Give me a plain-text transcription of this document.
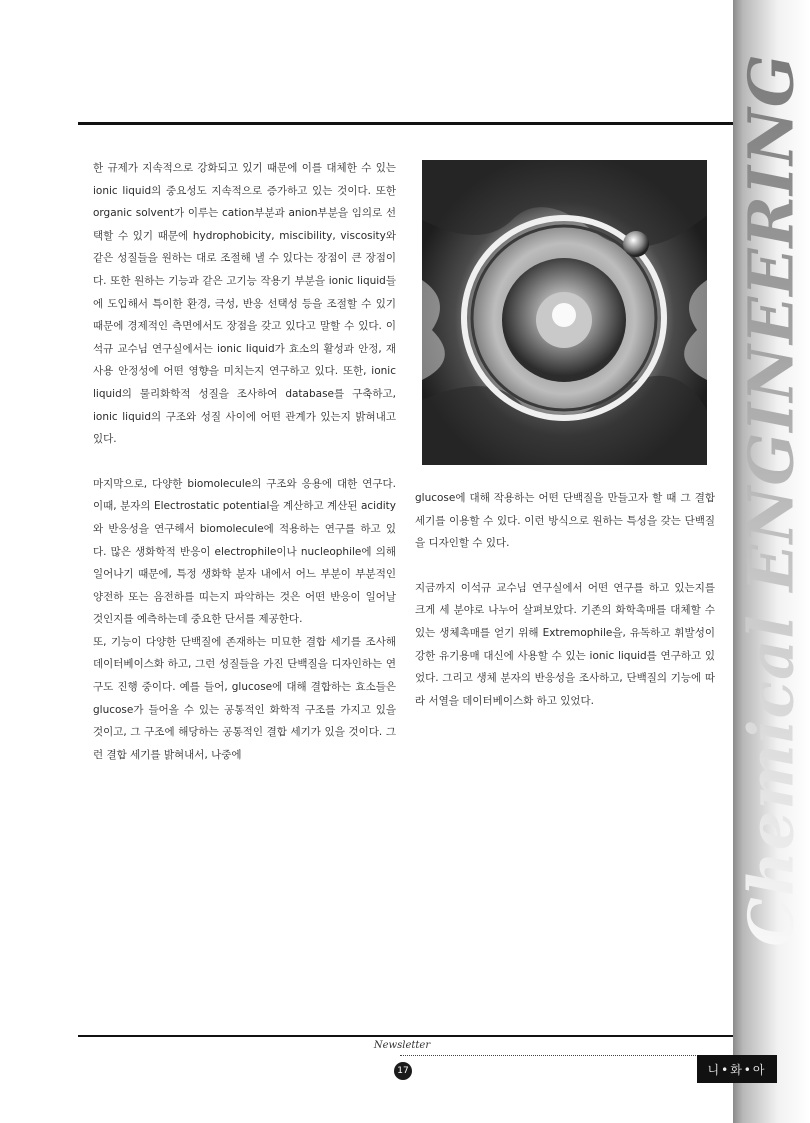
Chemical ENGINEERING

한 규제가 지속적으로 강화되고 있기 때문에 이를 대체한 수 있는 ionic liquid의 중요성도 지속적으로 증가하고 있는 것이다. 또한 organic solvent가 이루는 cation부분과 anion부분을 임의로 선택할 수 있기 때문에 hydrophobicity, miscibility, viscosity와 같은 성질들을 원하는 대로 조절해 낼 수 있다는 장점이 큰 장점이다. 또한 원하는 기능과 같은 고기능 작용기 부분을 ionic liquid들에 도입해서 특이한 환경, 극성, 반응 선택성 등을 조절할 수 있기 때문에 경제적인 측면에서도 장점을 갖고 있다고 말할 수 있다. 이석규 교수님 연구실에서는 ionic liquid가 효소의 활성과 안정, 재사용 안정성에 어떤 영향을 미치는지 연구하고 있다. 또한, ionic liquid의 물리화학적 성질을 조사하여 database를 구축하고, ionic liquid의 구조와 성질 사이에 어떤 관계가 있는지 밝혀내고 있다.

마지막으로, 다양한 biomolecule의 구조와 응용에 대한 연구다. 이때, 분자의 Electrostatic potential을 계산하고 계산된 acidity와 반응성을 연구해서 biomolecule에 적용하는 연구를 하고 있다. 많은 생화학적 반응이 electrophile이나 nucleophile에 의해 일어나기 때문에, 특정 생화학 분자 내에서 어느 부분이 부분적인 양전하 또는 음전하를 띠는지 파악하는 것은 어떤 반응이 일어날 것인지를 예측하는데 중요한 단서를 제공한다.

또, 기능이 다양한 단백질에 존재하는 미묘한 결합 세기를 조사해 데이터베이스화 하고, 그런 성질들을 가진 단백질을 디자인하는 연구도 진행 중이다. 예를 들어, glucose에 대해 결합하는 효소들은 glucose가 들어올 수 있는 공통적인 화학적 구조를 가지고 있을 것이고, 그 구조에 해당하는 공통적인 결합 세기가 있을 것이다. 그런 결합 세기를 밝혀내서, 나중에

glucose에 대해 작용하는 어떤 단백질을 만들고자 할 때 그 결합세기를 이용할 수 있다. 이런 방식으로 원하는 특성을 갖는 단백질을 디자인할 수 있다.

지금까지 이석규 교수님 연구실에서 어떤 연구를 하고 있는지를 크게 세 분야로 나누어 살펴보았다. 기존의 화학촉매를 대체할 수 있는 생체촉매를 얻기 위해 Extremophile을, 유독하고 휘발성이 강한 유기용매 대신에 사용할 수 있는 ionic liquid를 연구하고 있었다. 그리고 생체 분자의 반응성을 조사하고, 단백질의 기능에 따라 서열을 데이터베이스화 하고 있었다.

Newsletter
17	니•화•아
